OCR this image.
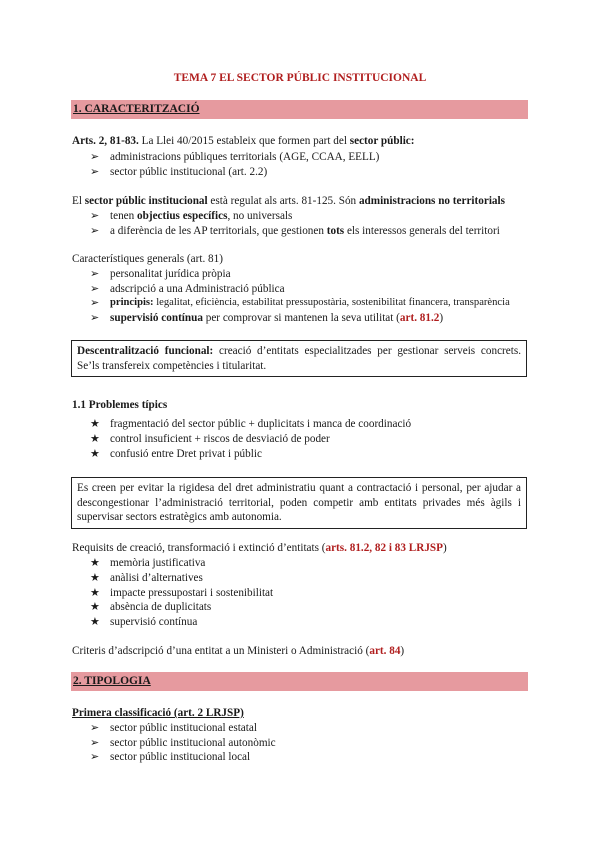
TEMA 7 EL SECTOR PÚBLIC INSTITUCIONAL
1. CARACTERITZACIÓ
Arts. 2, 81-83. La Llei 40/2015 estableix que formen part del sector públic:
➢ administracions públiques territorials (AGE, CCAA, EELL)
➢ sector públic institucional (art. 2.2)
El sector públic institucional està regulat als arts. 81-125. Són administracions no territorials
➢ tenen objectius específics, no universals
➢ a diferència de les AP territorials, que gestionen tots els interessos generals del territori
Característiques generals (art. 81)
➢ personalitat jurídica pròpia
➢ adscripció a una Administració pública
➢ principis: legalitat, eficiència, estabilitat pressupostària, sostenibilitat financera, transparència
➢ supervisió contínua per comprovar si mantenen la seva utilitat (art. 81.2)
Descentralització funcional: creació d’entitats especialitzades per gestionar serveis concrets. Se’ls transfereix competències i titularitat.
1.1 Problemes típics
★ fragmentació del sector públic + duplicitats i manca de coordinació
★ control insuficient + riscos de desviació de poder
★ confusió entre Dret privat i públic
Es creen per evitar la rigidesa del dret administratiu quant a contractació i personal, per ajudar a descongestionar l’administració territorial, poden competir amb entitats privades més àgils i supervisar sectors estratègics amb autonomia.
Requisits de creació, transformació i extinció d’entitats (arts. 81.2, 82 i 83 LRJSP)
★ memòria justificativa
★ anàlisi d’alternatives
★ impacte pressupostari i sostenibilitat
★ absència de duplicitats
★ supervisió contínua
Criteris d’adscripció d’una entitat a un Ministeri o Administració (art. 84)
2. TIPOLOGIA
Primera classificació (art. 2 LRJSP)
➢ sector públic institucional estatal
➢ sector públic institucional autonòmic
➢ sector públic institucional local
